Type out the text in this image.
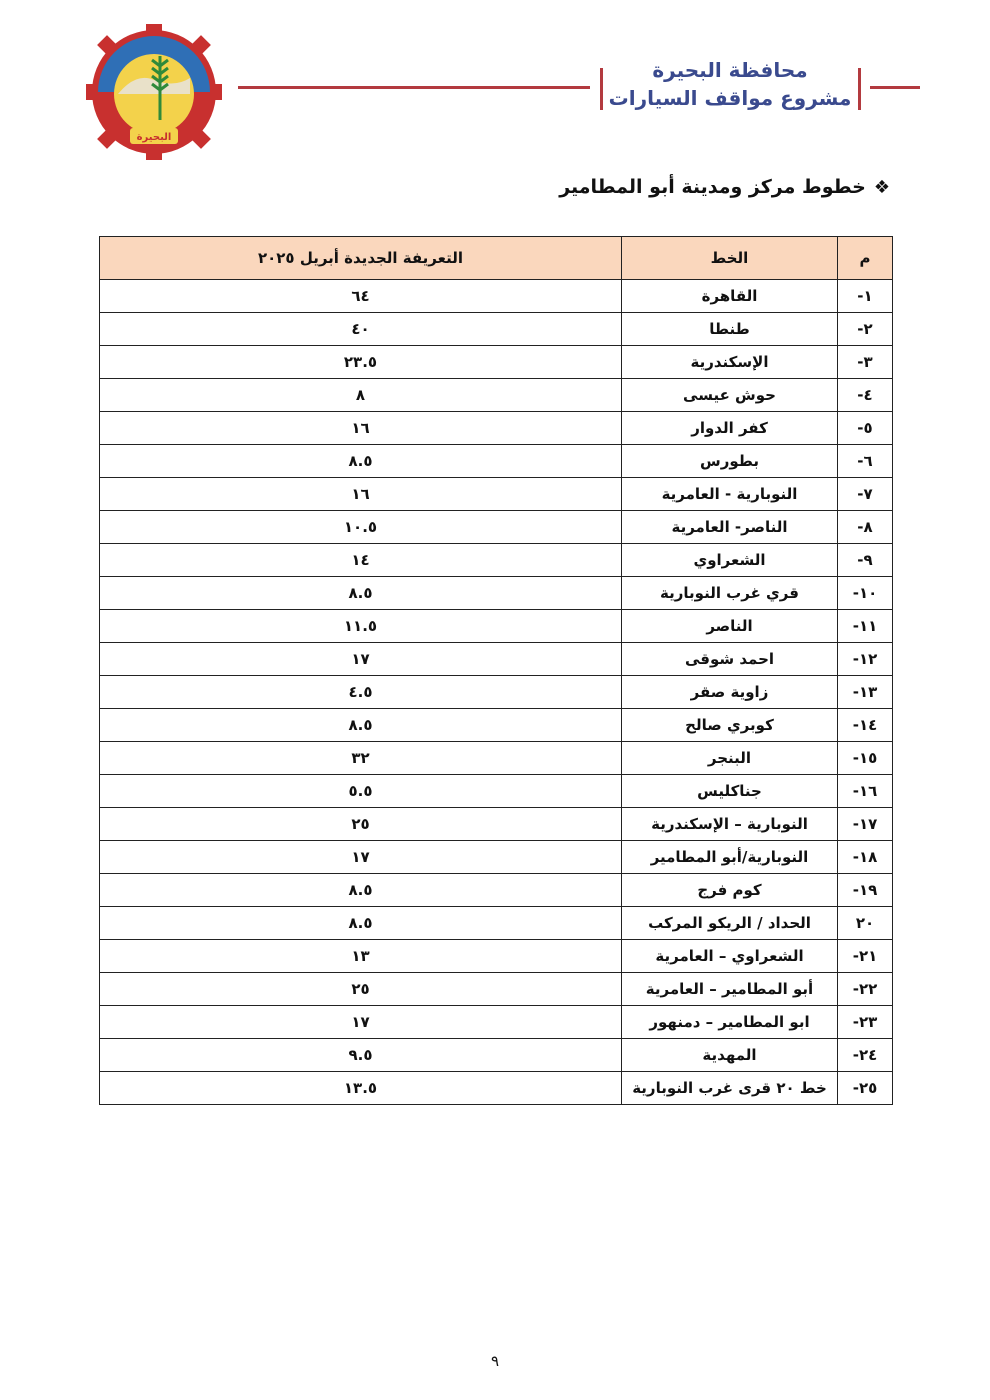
البحيرة
محافظة البحيرة
مشروع مواقف السيارات
❖
خطوط مركز ومدينة أبو المطامير
م	الخط	التعريفة الجديدة أبريل ٢٠٢٥
١-	القاهرة	٦٤
٢-	طنطا	٤٠
٣-	الإسكندرية	٢٣.٥
٤-	حوش عيسى	٨
٥-	كفر الدوار	١٦
٦-	بطورس	٨.٥
٧-	النوبارية - العامرية	١٦
٨-	الناصر- العامرية	١٠.٥
٩-	الشعراوي	١٤
١٠-	قري غرب النوبارية	٨.٥
١١-	الناصر	١١.٥
١٢-	احمد شوقى	١٧
١٣-	زاوية صقر	٤.٥
١٤-	كوبري صالح	٨.٥
١٥-	البنجر	٣٢
١٦-	جناكليس	٥.٥
١٧-	النوبارية – الإسكندرية	٢٥
١٨-	النوبارية/أبو المطامير	١٧
١٩-	كوم فرج	٨.٥
٢٠	الحداد / الريكو المركب	٨.٥
٢١-	الشعراوي – العامرية	١٣
٢٢-	أبو المطامير – العامرية	٢٥
٢٣-	ابو المطامير – دمنهور	١٧
٢٤-	المهدية	٩.٥
٢٥-	خط ٢٠ قرى غرب النوبارية	١٣.٥
٩
